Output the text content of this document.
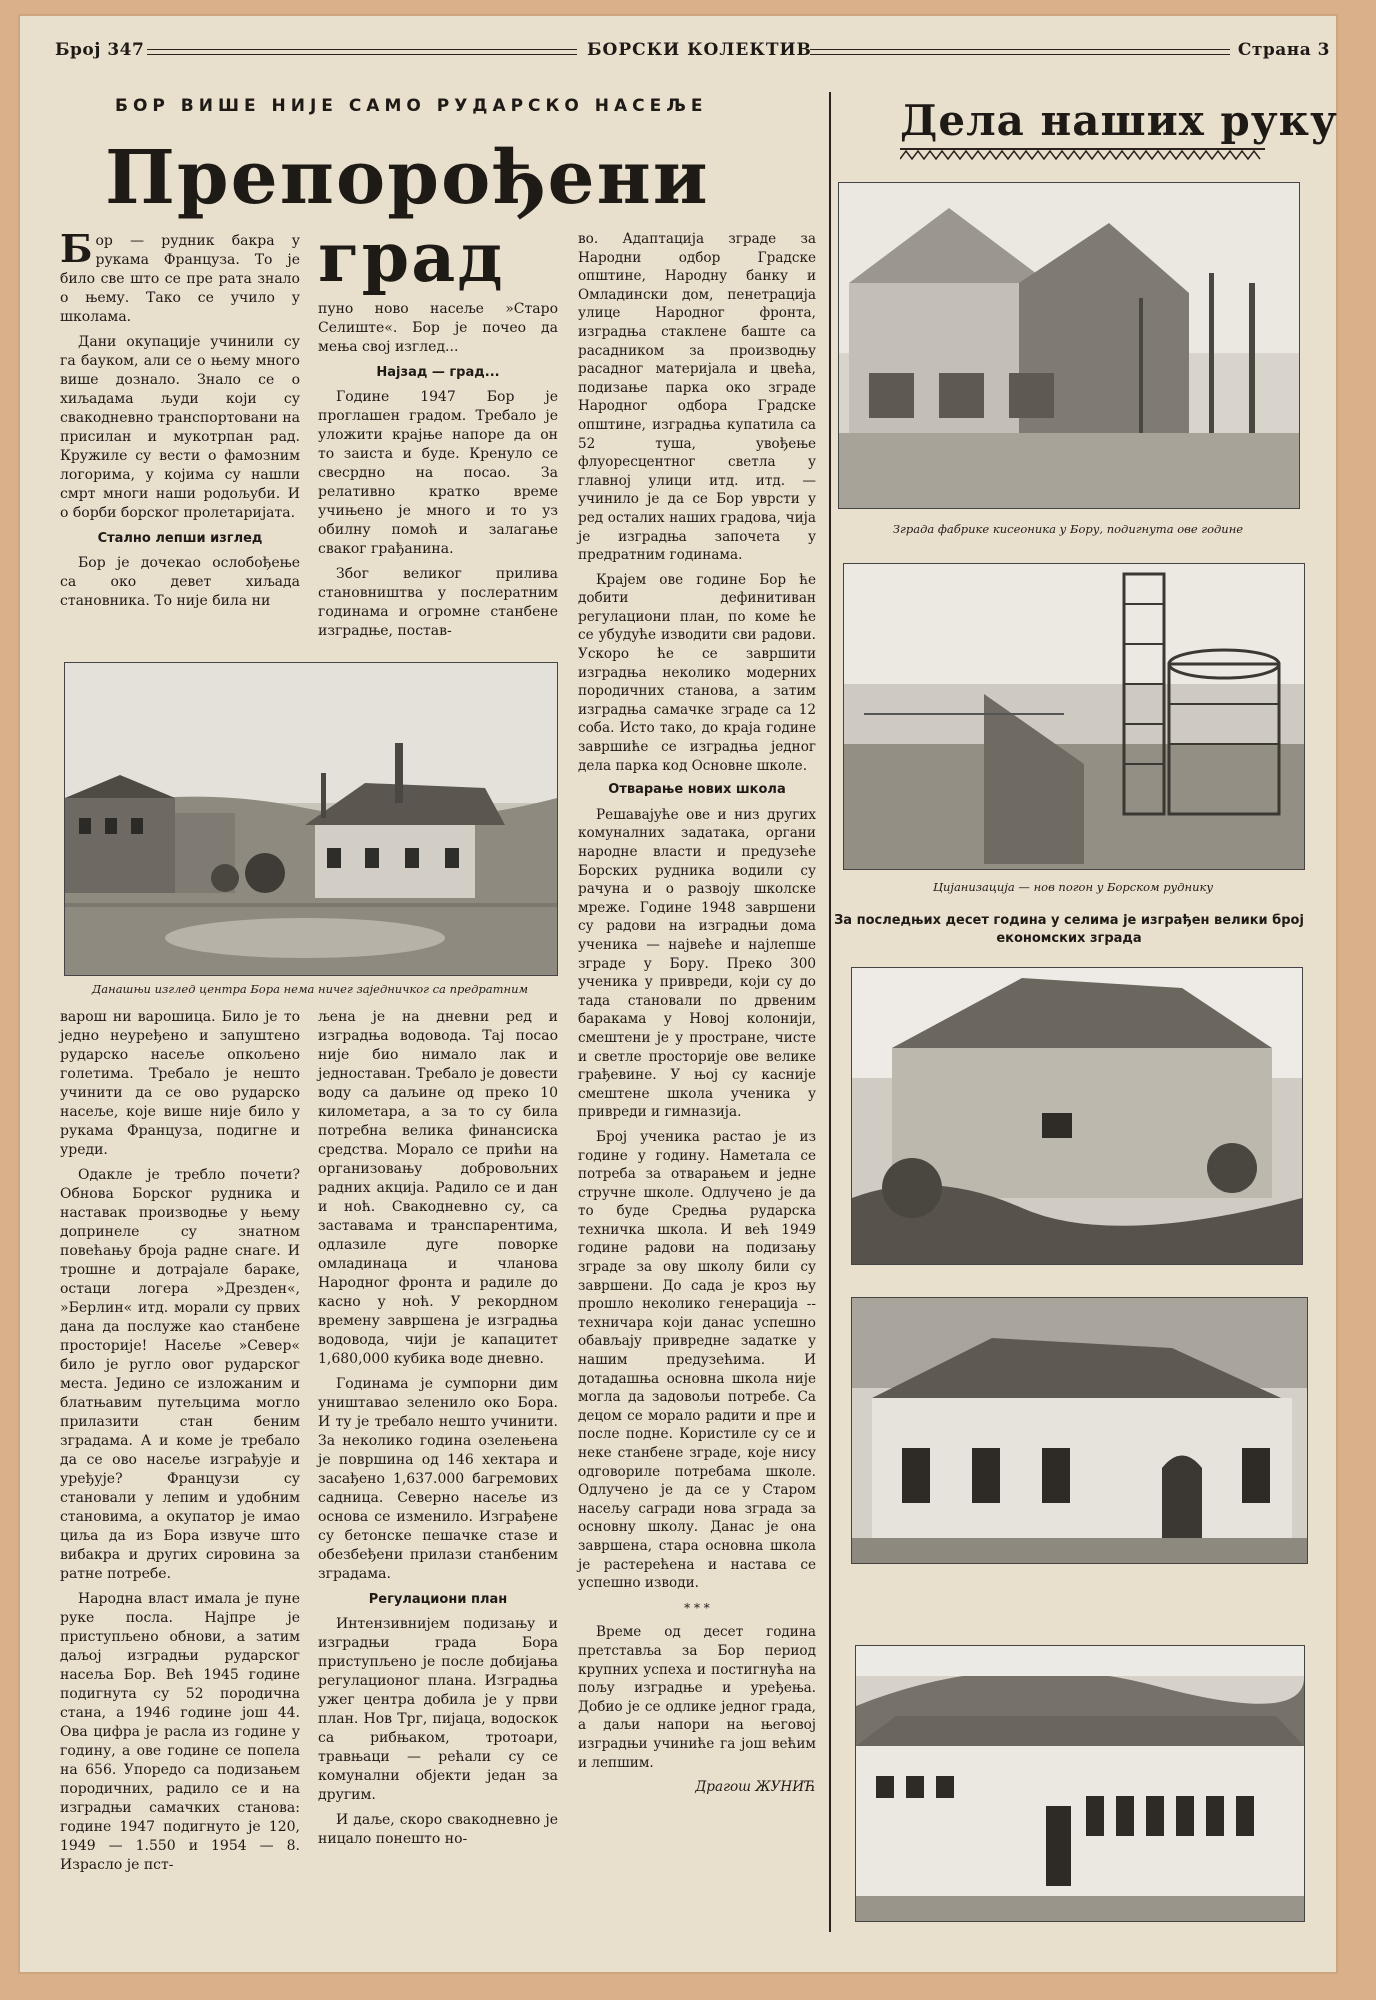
Број 347	БОРСКИ КОЛЕКТИВ	Страна 3
БОР ВИШЕ НИЈЕ САМО РУДАРСКО НАСЕЉЕ
Препорођени
град

Бор — рудник бакра у рукама Француза. То је било све што се пре рата знало о њему. Тако се учило у школама.

Дани окупације учинили су га бауком, али се о њему много више дознало. Знало се о хиљадама људи који су свакодневно транспортовани на присилан и мукотрпан рад. Кружиле су вести о фамозним логорима, у којима су нашли смрт многи наши родољуби. И о борби борског пролетаријата.

Стално лепши изглед

Бор је дочекао ослобођење са око девет хиљада становника. То није била ни

пуно ново насеље »Старо Селиште«. Бор је почео да мења свој изглед...

Најзад — град...

Године 1947 Бор је проглашен градом. Требало је уложити крајње напоре да он то заиста и буде. Кренуло се свесрдно на посао. За релативно кратко време учињено је много и то уз обилну помоћ и залагање сваког грађанина.

Због великог прилива становништва у послератним годинама и огромне станбене изградње, постав-

во. Адаптација зграде за Народни одбор Градске општине, Народну банку и Омладински дом, пенетрација улице Народног фронта, изградња стаклене баште са расадником за производњу расадног материјала и цвећа, подизање парка око зграде Народног одбора Градске општине, изградња купатила са 52 туша, увођење флуоресцентног светла у главној улици итд. итд. — учинило је да се Бор уврсти у ред осталих наших градова, чија је изградња започета у предратним годинама.

Крајем ове године Бор ће добити дефинитиван регулациони план, по коме ће се убудуће изводити сви радови. Ускоро ће се завршити изградња неколико модерних породичних станова, а затим изградња самачке зграде са 12 соба. Исто тако, до краја године завршиће се изградња једног дела парка код Основне школе.

Отварање нових школа

Решавајуће ове и низ других комуналних задатака, органи народне власти и предузеће Борских рудника водили су рачуна и о развоју школске мреже. Године 1948 завршени су радови на изградњи дома ученика — највеће и најлепше зграде у Бору. Преко 300 ученика у привреди, који су до тада становали по дрвеним баракама у Новој колонији, смештени је у простране, чисте и светле просторије ове велике грађевине. У њој су касније смештене школа ученика у привреди и гимназија.

Број ученика растао је из године у годину. Наметала се потреба за отварањем и једне стручне школе. Одлучено је да то буде Средња рударска техничка школа. И већ 1949 године радови на подизању зграде за ову школу били су завршени. До сада је кроз њу прошло неколико генерација -- техничара који данас успешно обављају привредне задатке у нашим предузећима. И дотадашња основна школа није могла да задовољи потребе. Са децом се морало радити и пре и после подне. Користиле су се и неке станбене зграде, које нису одговориле потребама школе. Одлучено је да се у Старом насељу сагради нова зграда за основну школу. Данас је она завршена, стара основна школа је растерећена и настава се успешно изводи.

* * *

Време од десет година претставља за Бор период крупних успеха и постигнућа на пољу изградње и уређења. Добио је се одлике једног града, а даљи напори на његовој изградњи учиниће га још већим и лепшим.

Драгош ЖУНИЋ

Данашњи изглед центра Бора нема ничег заједничког са предратним

варош ни варошица. Било је то једно неуређено и запуштено рударско насеље опкољено голетима. Требало је нешто учинити да се ово рударско насеље, које више није било у рукама Француза, подигне и уреди.

Одакле је требло почети? Обнова Борског рудника и наставак производње у њему допринеле су знатном повећању броја радне снаге. И трошне и дотрајале бараке, остаци логера »Дрезден«, »Берлин« итд. морали су првих дана да послуже као станбене просторије! Насеље »Север« било је ругло овог рударског места. Једино се изложаним и блатњавим путељцима могло прилазити стан беним зградама. А и коме је требало да се ово насеље изграђује и уређује? Французи су становали у лепим и удобним становима, а окупатор је имао циља да из Бора извуче што вибакра и других сировина за ратне потребе.

Народна власт имала је пуне руке посла. Најпре је приступљено обнови, а затим даљој изградњи рударског насеља Бор. Већ 1945 године подигнута су 52 породична стана, а 1946 године још 44. Ова цифра је расла из године у годину, а ове године се попела на 656. Упоредо са подизањем породичних, радило се и на изградњи самачких станова: године 1947 подигнуто је 120, 1949 — 1.550 и 1954 — 8. Изрaсло је пст-

љена је на дневни ред и изградња водовода. Тај посао није био нимало лак и једноставан. Требало је довести воду са даљине од преко 10 километара, а за то су била потребна велика финансиска средства. Морало се прићи на организовању добровољних радних акција. Радило се и дан и ноћ. Свакодневно су, са заставама и транспарентима, одлазиле дуге поворке омладинаца и чланова Народног фронта и радиле до касно у ноћ. У рекордном времену завршена је изградња водовода, чији је капацитет 1,680,000 кубика воде дневно.

Годинама је сумпорни дим уништавао зеленило око Бора. И ту је требало нешто учинити. За неколико година озелењена је површина од 146 хектара и засађено 1,637.000 багремових садница. Северно насеље из основа се изменило. Изграђене су бетонске пешачке стазе и обезбеђени прилази станбеним зградама.

Регулациони план

Интензивнијем подизању и изградњи града Бора приступљено је после добијања регулационог плана. Изградња ужег центра добила је у први план. Нов Трг, пијаца, водоскок са рибњаком, тротоари, травњаци — рећали су се комунални објекти један за другим.

И даље, скоро свакодневно је ницало понешто но-

Дела наших руку
Зграда фабрике кисеоника у Бору, подигнута ове године
Цијанизација — нов погон у Борском руднику
За последњих десет година у селима је изграђен велики број економских зграда
